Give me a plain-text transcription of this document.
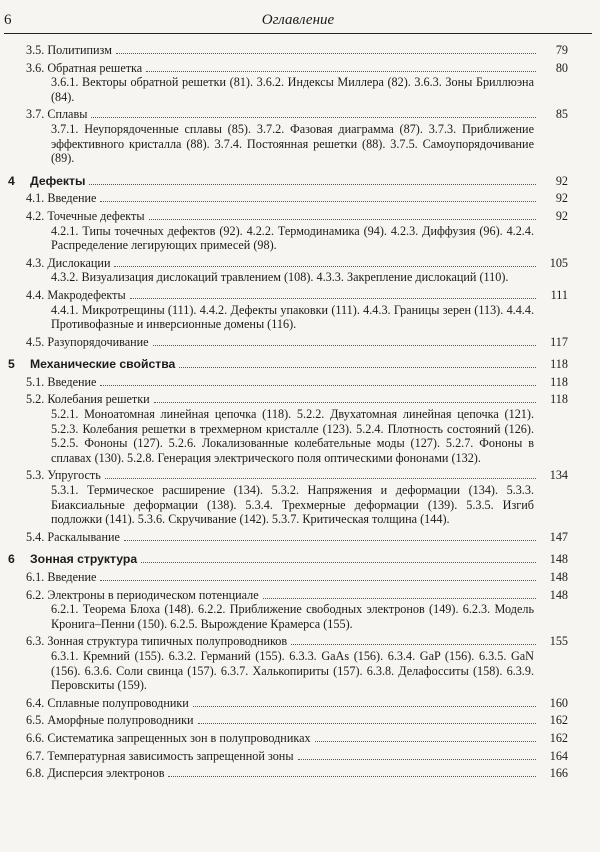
6	Оглавление
3.5. Политипизм	79
3.6. Обратная решетка	80
3.6.1. Векторы обратной решетки (81). 3.6.2. Индексы Миллера (82). 3.6.3. Зоны Бриллюэна (84).
3.7. Сплавы	85
3.7.1. Неупорядоченные сплавы (85). 3.7.2. Фазовая диаграмма (87). 3.7.3. Приближение эффективного кристалла (88). 3.7.4. Постоянная решетки (88). 3.7.5. Самоупорядочивание (89).
4	Дефекты	92
4.1. Введение	92
4.2. Точечные дефекты	92
4.2.1. Типы точечных дефектов (92). 4.2.2. Термодинамика (94). 4.2.3. Диффузия (96). 4.2.4. Распределение легирующих примесей (98).
4.3. Дислокации	105
4.3.2. Визуализация дислокаций травлением (108). 4.3.3. Закрепление дислокаций (110).
4.4. Макродефекты	111
4.4.1. Микротрещины (111). 4.4.2. Дефекты упаковки (111). 4.4.3. Границы зерен (113). 4.4.4. Противофазные и инверсионные домены (116).
4.5. Разупорядочивание	117
5	Механические свойства	118
5.1. Введение	118
5.2. Колебания решетки	118
5.2.1. Моноатомная линейная цепочка (118). 5.2.2. Двухатомная линейная цепочка (121). 5.2.3. Колебания решетки в трехмерном кристалле (123). 5.2.4. Плотность состояний (126). 5.2.5. Фононы (127). 5.2.6. Локализованные колебательные моды (127). 5.2.7. Фононы в сплавах (130). 5.2.8. Генерация электрического поля оптическими фононами (132).
5.3. Упругость	134
5.3.1. Термическое расширение (134). 5.3.2. Напряжения и деформации (134). 5.3.3. Биаксиальные деформации (138). 5.3.4. Трехмерные деформации (139). 5.3.5. Изгиб подложки (141). 5.3.6. Скручивание (142). 5.3.7. Критическая толщина (144).
5.4. Раскалывание	147
6	Зонная структура	148
6.1. Введение	148
6.2. Электроны в периодическом потенциале	148
6.2.1. Теорема Блоха (148). 6.2.2. Приближение свободных электронов (149). 6.2.3. Модель Кронига–Пенни (150). 6.2.5. Вырождение Крамерса (155).
6.3. Зонная структура типичных полупроводников	155
6.3.1. Кремний (155). 6.3.2. Германий (155). 6.3.3. GaAs (156). 6.3.4. GaP (156). 6.3.5. GaN (156). 6.3.6. Соли свинца (157). 6.3.7. Халькопириты (157). 6.3.8. Делафосситы (158). 6.3.9. Перовскиты (159).
6.4. Сплавные полупроводники	160
6.5. Аморфные полупроводники	162
6.6. Систематика запрещенных зон в полупроводниках	162
6.7. Температурная зависимость запрещенной зоны	164
6.8. Дисперсия электронов	166
